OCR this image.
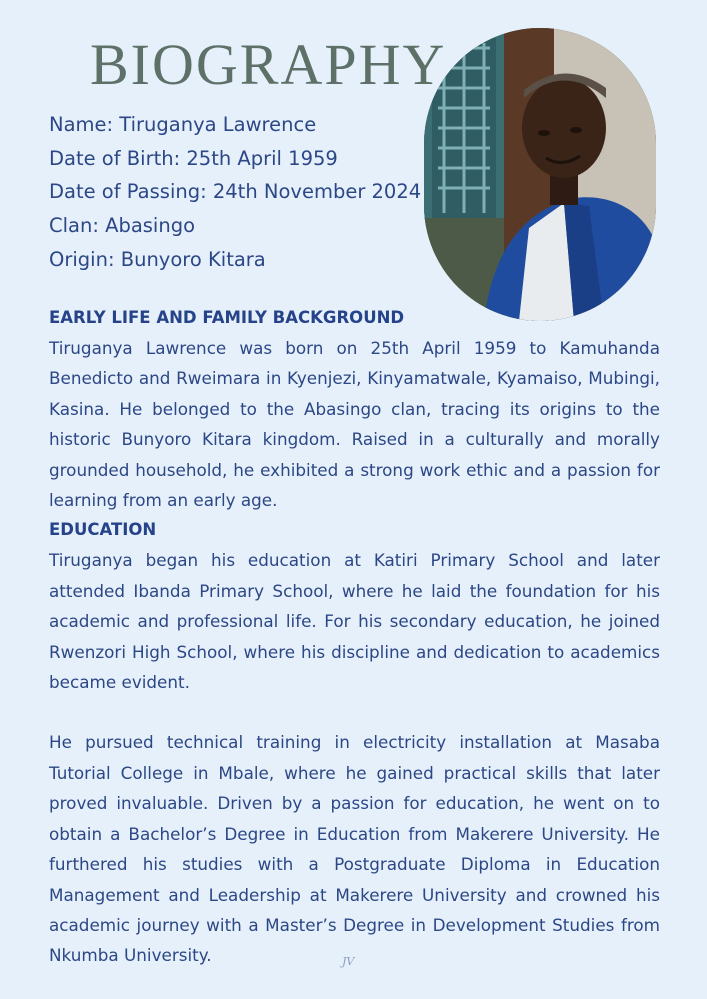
BIOGRAPHY
Name: Tiruganya Lawrence
Date of Birth: 25th April 1959
Date of Passing: 24th November 2024
Clan: Abasingo
Origin: Bunyoro Kitara
EARLY LIFE AND FAMILY BACKGROUND

Tiruganya Lawrence was born on 25th April 1959 to Kamuhanda Benedicto and Rweimara in Kyenjezi, Kinyamatwale, Kyamaiso, Mubingi, Kasina. He belonged to the Abasingo clan, tracing its origins to the historic Bunyoro Kitara kingdom. Raised in a culturally and morally grounded household, he exhibited a strong work ethic and a passion for learning from an early age.

EDUCATION

Tiruganya began his education at Katiri Primary School and later attended Ibanda Primary School, where he laid the foundation for his academic and professional life. For his secondary education, he joined Rwenzori High School, where his discipline and dedication to academics became evident.

He pursued technical training in electricity installation at Masaba Tutorial College in Mbale, where he gained practical skills that later proved invaluable. Driven by a passion for education, he went on to obtain a Bachelor’s Degree in Education from Makerere University. He furthered his studies with a Postgraduate Diploma in Education Management and Leadership at Makerere University and crowned his academic journey with a Master’s Degree in Development Studies from Nkumba University.	JV
